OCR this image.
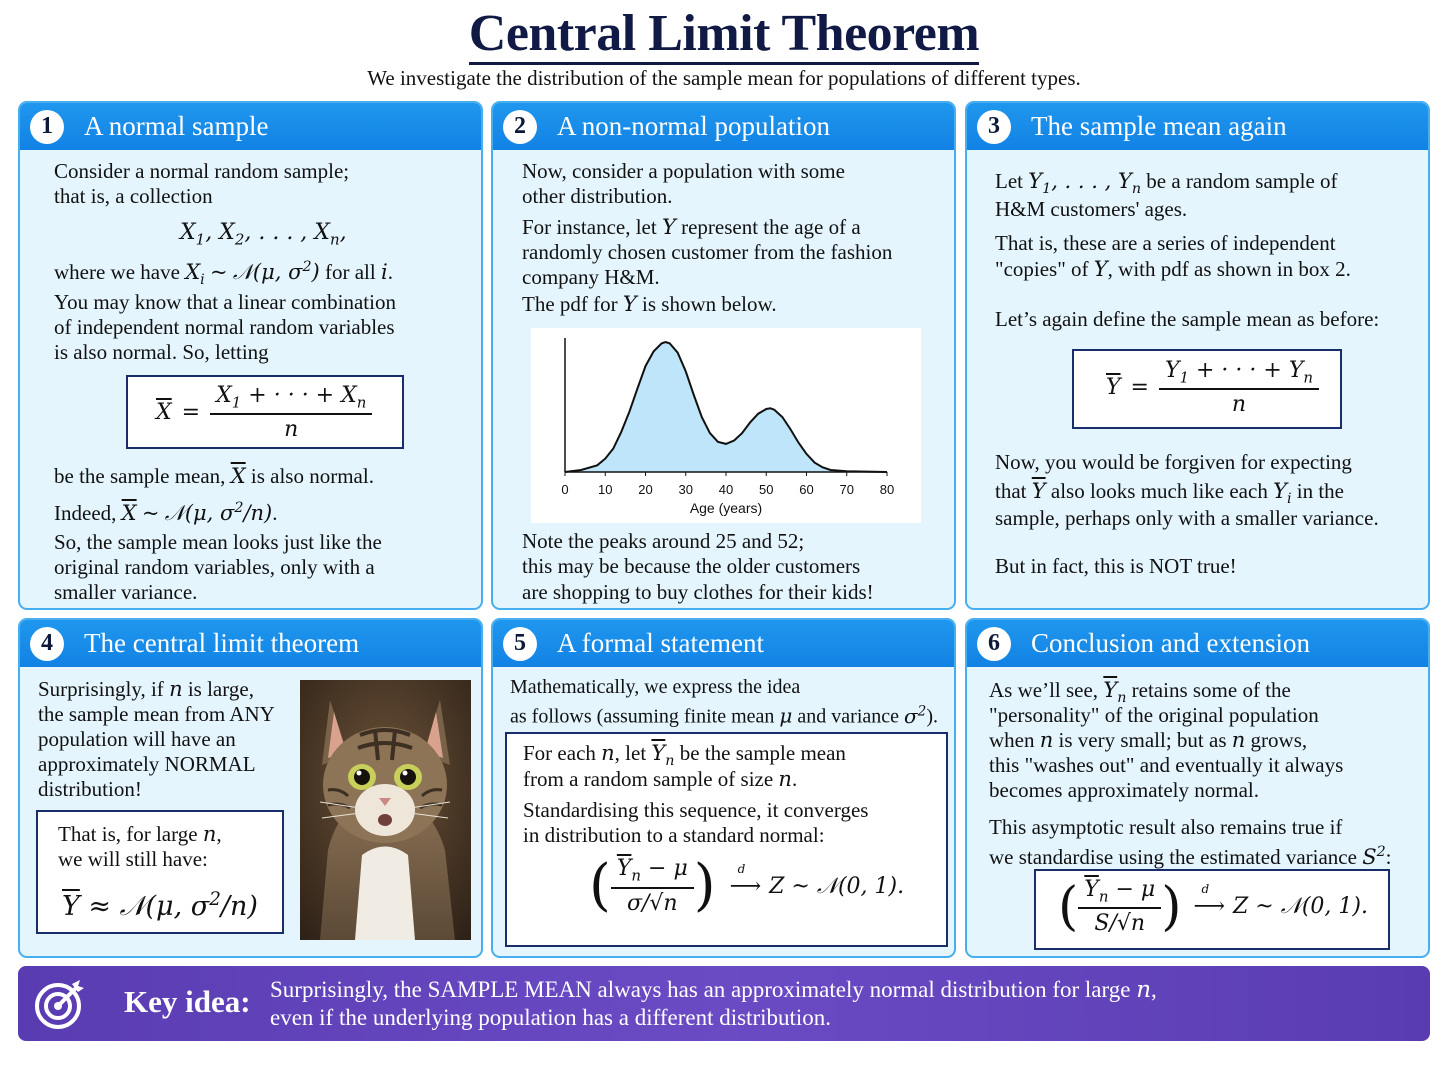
Central Limit Theorem
We investigate the distribution of the sample mean for populations of different types.
1	A normal sample
Consider a normal random sample;
that is, a collection
$X_1$, $X_2$, . . . , $X_n$,
where we have $X_i$ ~ 𝒩(μ, $\sigma^2$) for all i.
You may know that a linear combination
of independent normal random variables
is also normal. So, letting
$\overline{X} = \frac{X_1 + \cdot \cdot \cdot + X_n}{n}$
be the sample mean, $\overline{X}$ is also normal.
Indeed, $\overline{X}$ ~ 𝒩(μ, $\sigma^2/n$).
So, the sample mean looks just like the
original random variables, only with a
smaller variance.
2	A non-normal population
Now, consider a population with some
other distribution.
For instance, let Y represent the age of a
randomly chosen customer from the fashion
company H&M.
The pdf for Y is shown below.
0 10 20 30 40 50 60 70 80
Age (years)
Note the peaks around 25 and 52;
this may be because the older customers
are shopping to buy clothes for their kids!
3	The sample mean again
Let $Y_1$, . . . , $Y_n$ be a random sample of
H&M customers' ages.
That is, these are a series of independent
"copies" of Y, with pdf as shown in box 2.
Let’s again define the sample mean as before:
$\overline{Y} = \frac{Y_1 + \cdot \cdot \cdot + Y_n}{n}$
Now, you would be forgiven for expecting
that $\overline{Y}$ also looks much like each $Y_i$ in the
sample, perhaps only with a smaller variance.
But in fact, this is NOT true!
4	The central limit theorem
Surprisingly, if n is large,
the sample mean from ANY
population will have an
approximately NORMAL
distribution!
That is, for large n,
we will still have:
$\overline{Y}$ ≈ 𝒩(μ, $\sigma^2/n$)
5	A formal statement
Mathematically, we express the idea
as follows (assuming finite mean μ and variance $\sigma^2$).
For each n, let $\overline{Y}_n$ be the sample mean
from a random sample of size n.
Standardising this sequence, it converges
in distribution to a standard normal:
( $\frac{\overline{Y}_n - \mu}{\sigma/√n}$ ) d
⟶ Z ~ 𝒩(0, 1).
6	Conclusion and extension
As we’ll see, $\overline{Y}_n$ retains some of the
"personality" of the original population
when n is very small; but as n grows,
this "washes out" and eventually it always
becomes approximately normal.
This asymptotic result also remains true if
we standardise using the estimated variance $S^2$:
( $\frac{\overline{Y}_n - \mu}{S/√n}$ ) d
⟶ Z ~ 𝒩(0, 1).
Key idea: Surprisingly, the SAMPLE MEAN always has an approximately normal distribution for large n,
even if the underlying population has a different distribution.
